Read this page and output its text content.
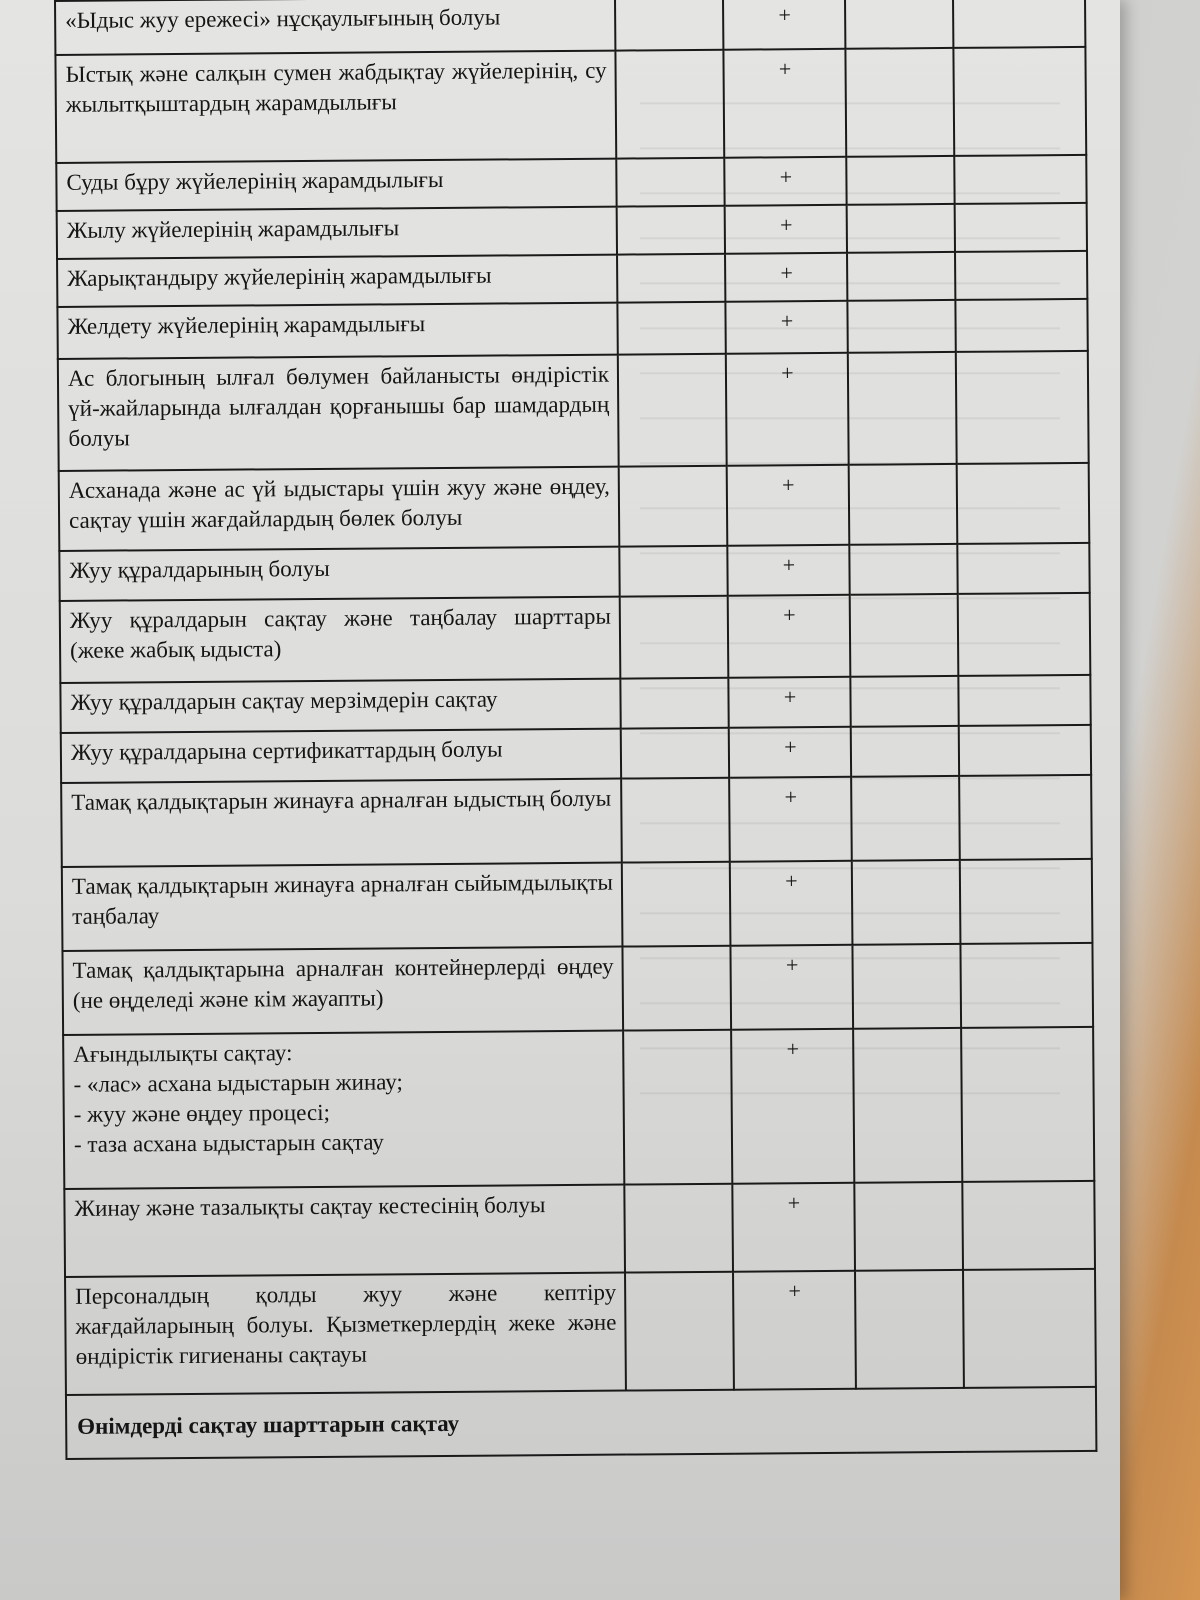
«Ыдыс жуу ережесі» нұсқаулығының болуы		+		

Ыстық және салқын сумен жабдықтау жүйелерінің, су жылытқыштардың жарамдылығы		+		

Суды бұру жүйелерінің жарамдылығы		+		

Жылу жүйелерінің жарамдылығы		+		

Жарықтандыру жүйелерінің жарамдылығы		+		

Желдету жүйелерінің жарамдылығы		+		

Ас блогының ылғал бөлумен байланысты өндірістік үй-жайларында ылғалдан қорғанышы бар шамдардың болуы		+		

Асханада және ас үй ыдыстары үшін жуу және өңдеу, сақтау үшін жағдайлардың бөлек болуы		+		

Жуу құралдарының болуы		+		

Жуу құралдарын сақтау және таңбалау шарттары (жеке жабық ыдыста)		+		

Жуу құралдарын сақтау мерзімдерін сақтау		+		

Жуу құралдарына сертификаттардың болуы		+		

Тамақ қалдықтарын жинауға арналған ыдыстың болуы		+		

Тамақ қалдықтарын жинауға арналған сыйымдылықты таңбалау		+		

Тамақ қалдықтарына арналған контейнерлерді өңдеу (не өңделеді және кім жауапты)		+		

Ағындылықты сақтау:
- «лас» асхана ыдыстарын жинау;
- жуу және өңдеу процесі;
- таза асхана ыдыстарын сақтау		+		

Жинау және тазалықты сақтау кестесінің болуы		+		

Персоналдың қолды жуу және кептіру жағдайларының болуы. Қызметкерлердің жеке және өндірістік гигиенаны сақтауы		+		
Өнімдерді сақтау шарттарын сақтау				
